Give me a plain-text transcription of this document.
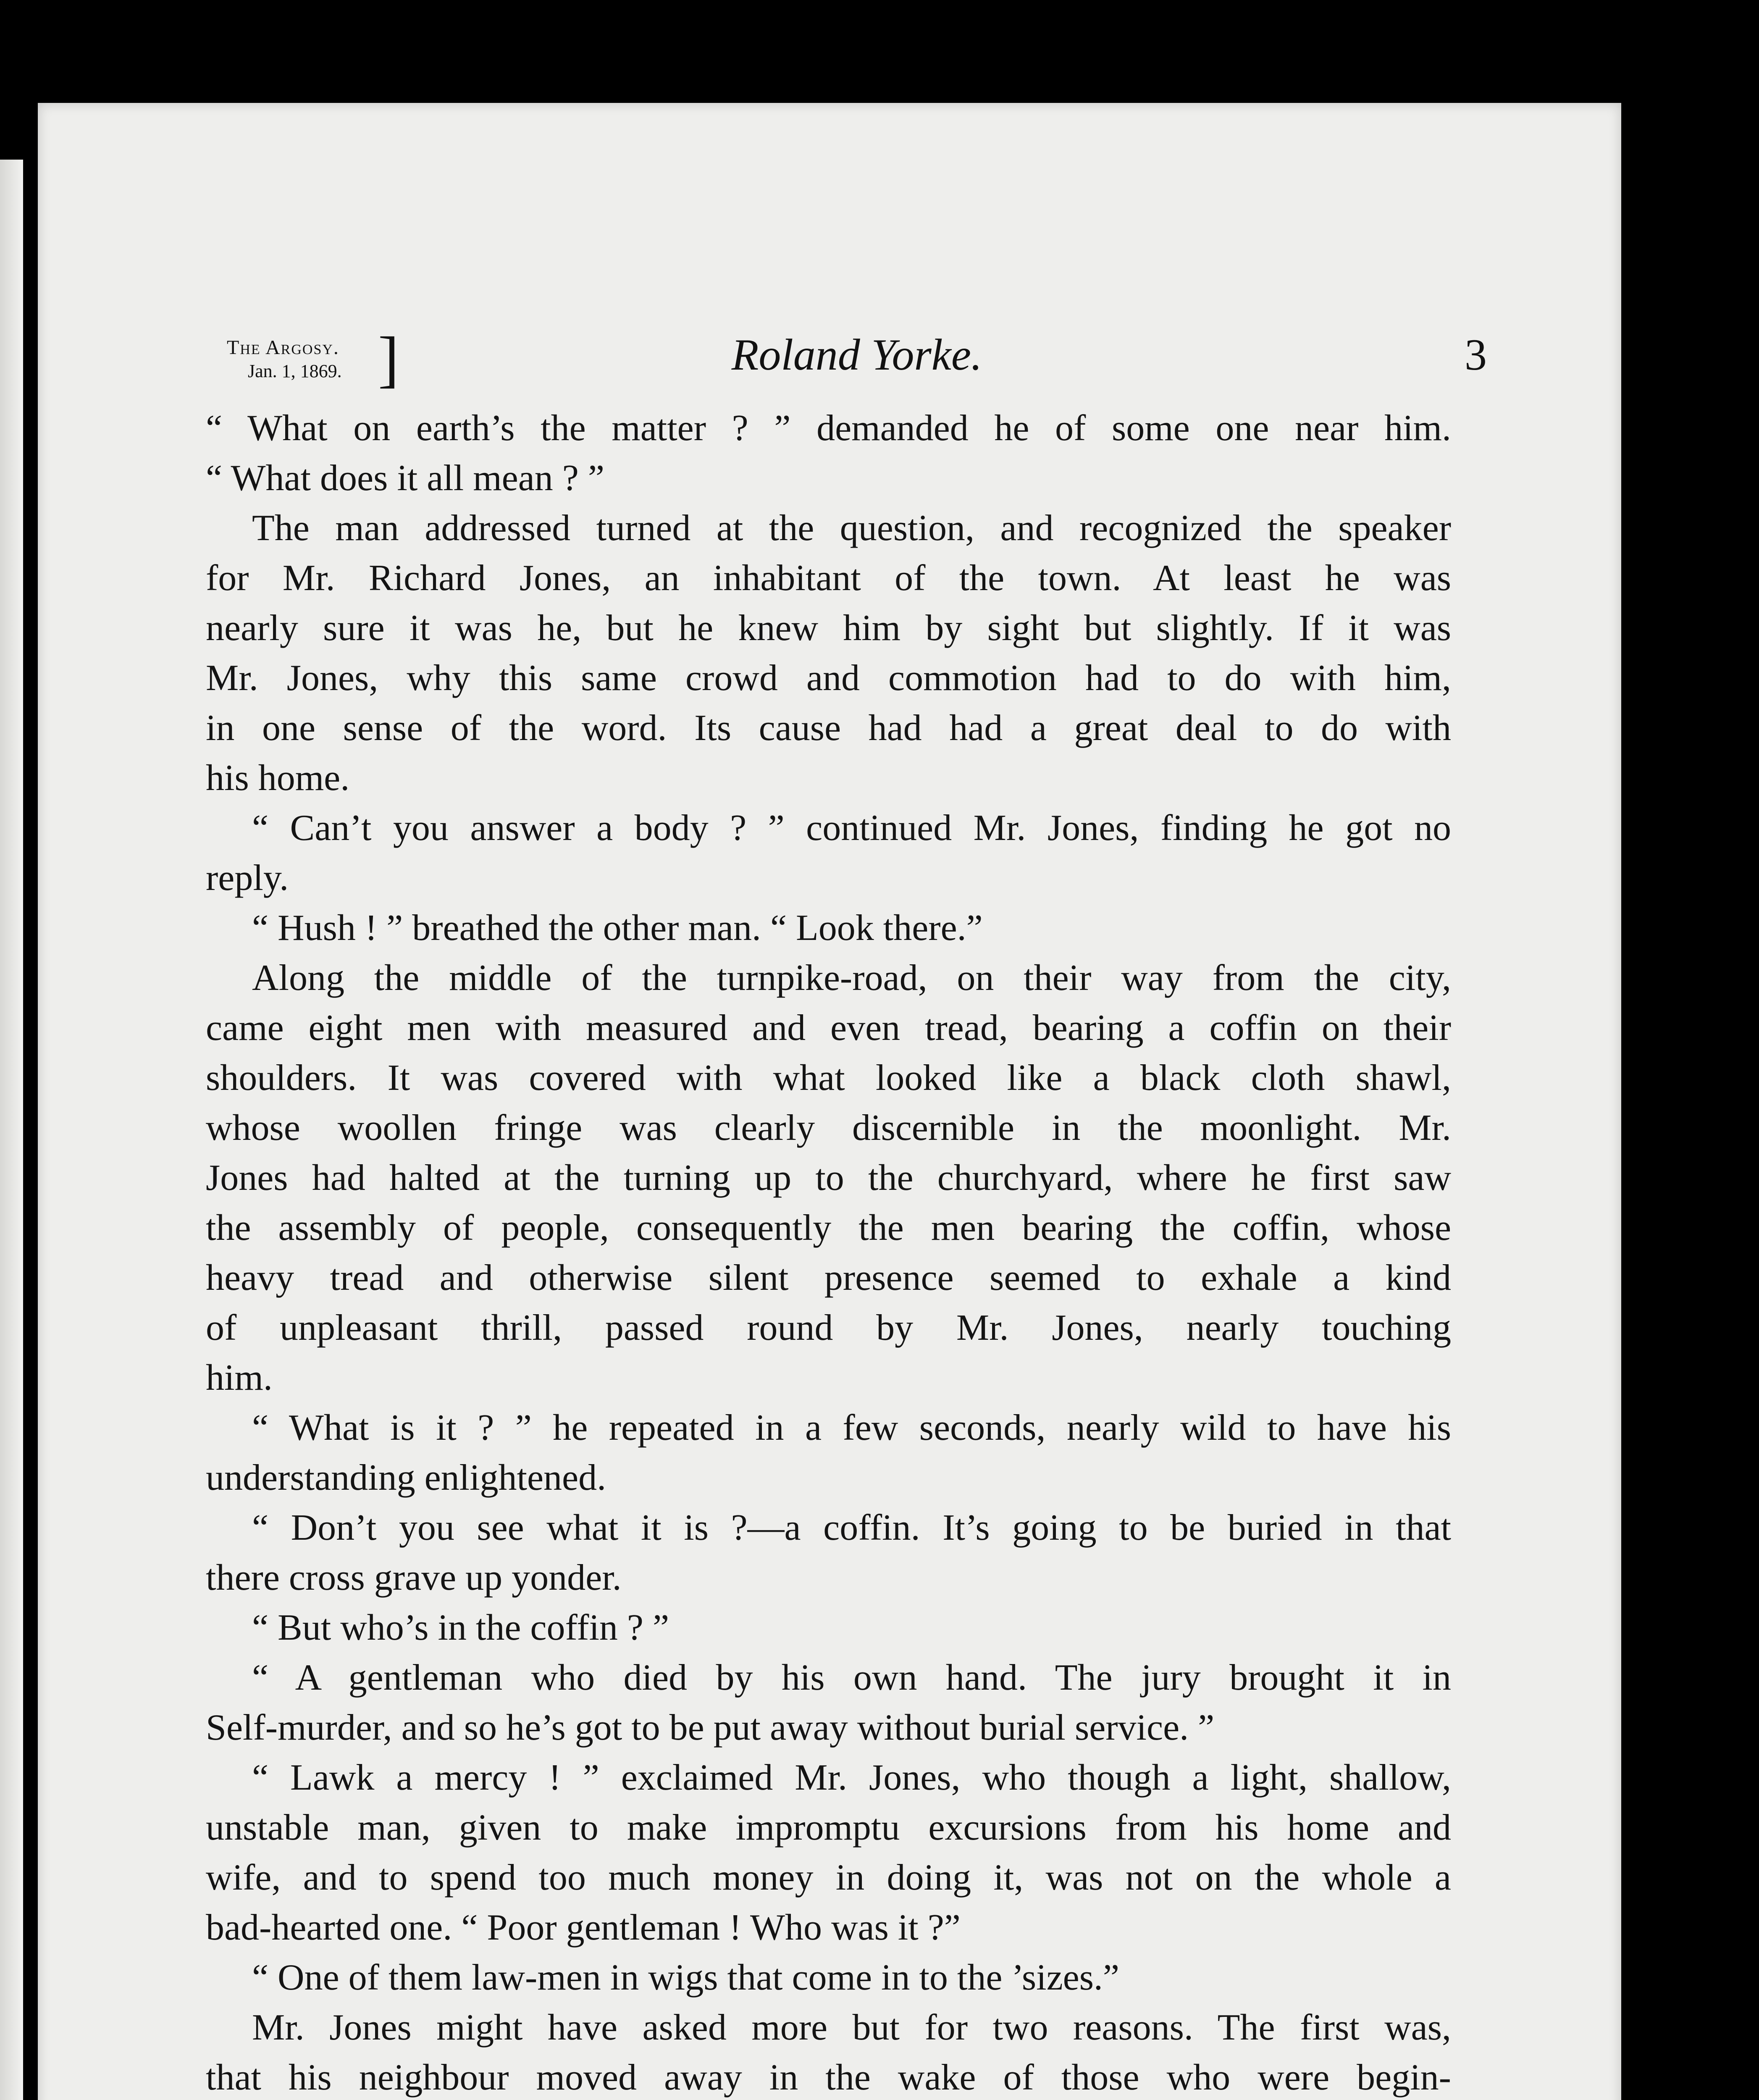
The Argosy.
Jan. 1, 1869. ]	Roland Yorke.	3
“ What on earth’s the matter ? ” demanded he of some one near him.
“ What does it all mean ? ”
The man addressed turned at the question, and recognized the speaker
for Mr. Richard Jones, an inhabitant of the town. At least he was
nearly sure it was he, but he knew him by sight but slightly. If it was
Mr. Jones, why this same crowd and commotion had to do with him,
in one sense of the word. Its cause had had a great deal to do with
his home.
“ Can’t you answer a body ? ” continued Mr. Jones, finding he got no
reply.
“ Hush ! ” breathed the other man. “ Look there.”
Along the middle of the turnpike-road, on their way from the city,
came eight men with measured and even tread, bearing a coffin on their
shoulders. It was covered with what looked like a black cloth shawl,
whose woollen fringe was clearly discernible in the moonlight. Mr.
Jones had halted at the turning up to the churchyard, where he first saw
the assembly of people, consequently the men bearing the coffin, whose
heavy tread and otherwise silent presence seemed to exhale a kind
of unpleasant thrill, passed round by Mr. Jones, nearly touching
him.
“ What is it ? ” he repeated in a few seconds, nearly wild to have his
understanding enlightened.
“ Don’t you see what it is ?—a coffin. It’s going to be buried in that
there cross grave up yonder.
“ But who’s in the coffin ? ”
“ A gentleman who died by his own hand. The jury brought it in
Self-murder, and so he’s got to be put away without burial service. ”
“ Lawk a mercy ! ” exclaimed Mr. Jones, who though a light, shallow,
unstable man, given to make impromptu excursions from his home and
wife, and to spend too much money in doing it, was not on the whole a
bad-hearted one. “ Poor gentleman ! Who was it ?”
“ One of them law-men in wigs that come in to the ’sizes.”
Mr. Jones might have asked more but for two reasons. The first was,
that his neighbour moved away in the wake of those who were begin-
